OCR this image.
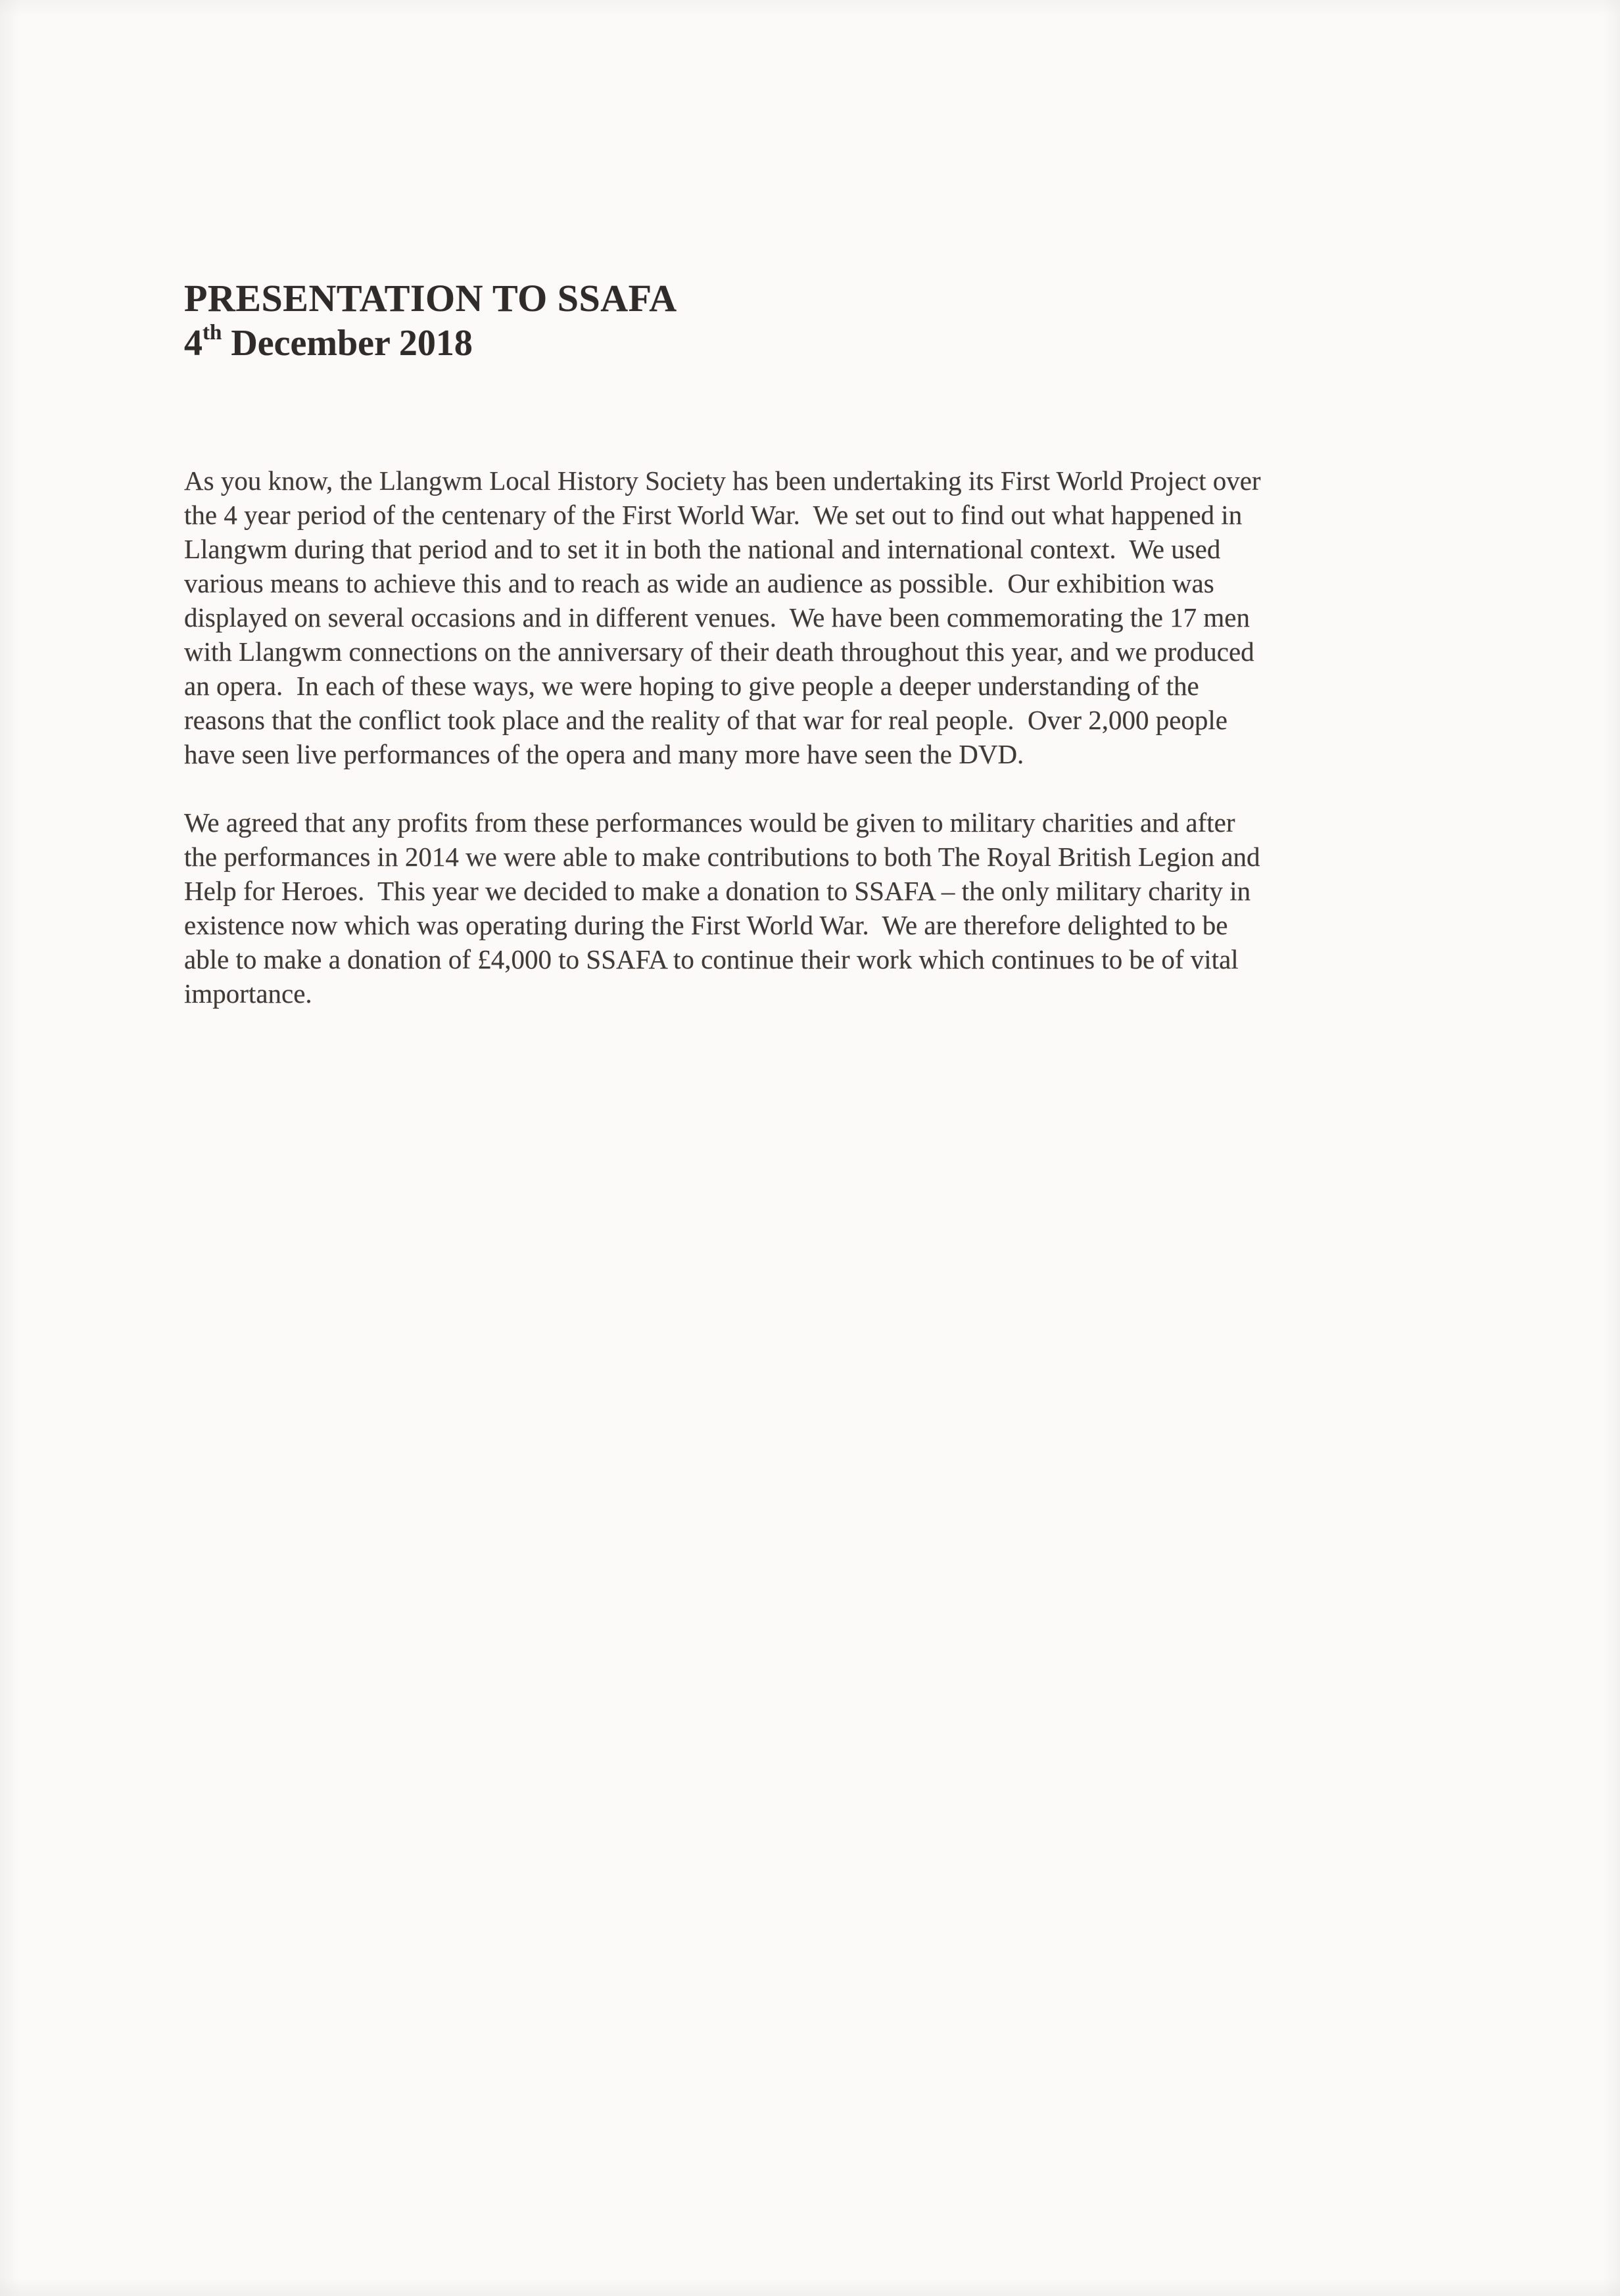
PRESENTATION TO SSAFA
4th December 2018

As you know, the Llangwm Local History Society has been undertaking its First World Project over
the 4 year period of the centenary of the First World War.  We set out to find out what happened in
Llangwm during that period and to set it in both the national and international context.  We used
various means to achieve this and to reach as wide an audience as possible.  Our exhibition was
displayed on several occasions and in different venues.  We have been commemorating the 17 men
with Llangwm connections on the anniversary of their death throughout this year, and we produced
an opera.  In each of these ways, we were hoping to give people a deeper understanding of the
reasons that the conflict took place and the reality of that war for real people.  Over 2,000 people
have seen live performances of the opera and many more have seen the DVD.

We agreed that any profits from these performances would be given to military charities and after
the performances in 2014 we were able to make contributions to both The Royal British Legion and
Help for Heroes.  This year we decided to make a donation to SSAFA – the only military charity in
existence now which was operating during the First World War.  We are therefore delighted to be
able to make a donation of £4,000 to SSAFA to continue their work which continues to be of vital
importance.
